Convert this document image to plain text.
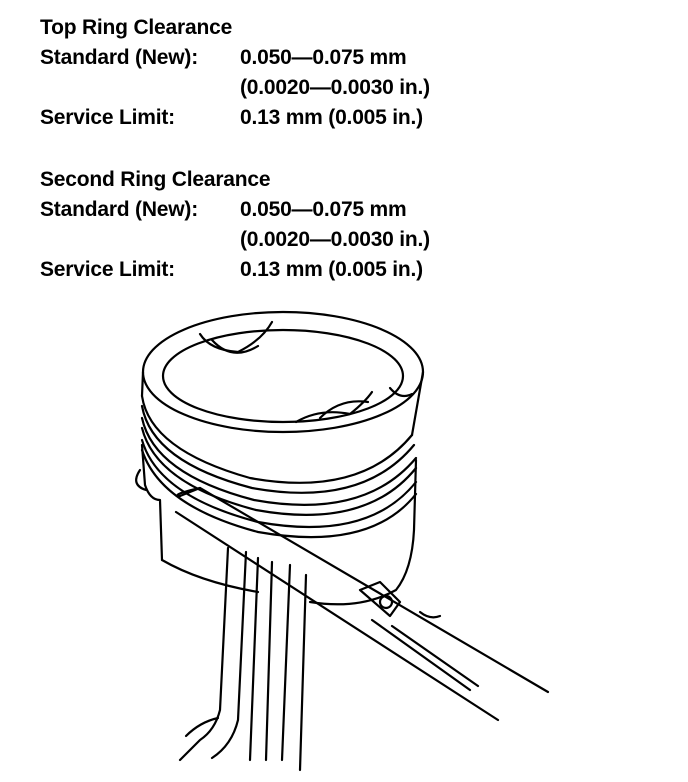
Top Ring Clearance
Standard (New):	0.050—0.075 mm
(0.0020—0.0030 in.)
Service Limit:	0.13 mm (0.005 in.)
Second Ring Clearance
Standard (New):	0.050—0.075 mm
(0.0020—0.0030 in.)
Service Limit:	0.13 mm (0.005 in.)
